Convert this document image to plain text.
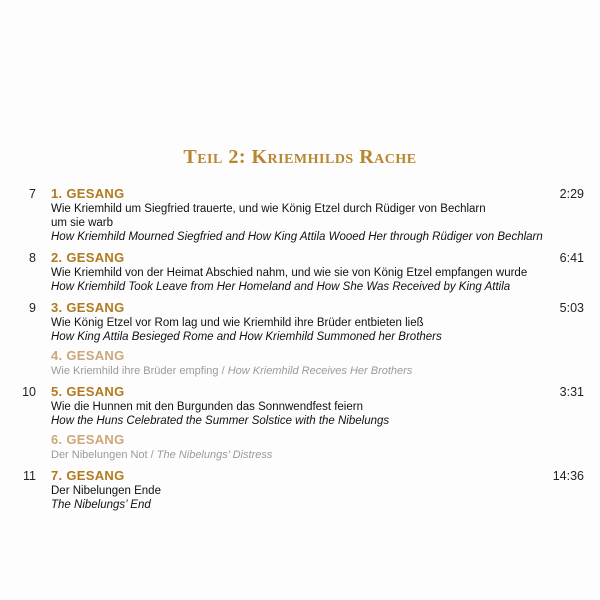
Teil 2: Kriemhilds Rache
7	2:29
1. GESANG
Wie Kriemhild um Siegfried trauerte, und wie König Etzel durch Rüdiger von Bechlarn um sie warb
How Kriemhild Mourned Siegfried and How King Attila Wooed Her through Rüdiger von Bechlarn
8	6:41
2. GESANG
Wie Kriemhild von der Heimat Abschied nahm, und wie sie von König Etzel empfangen wurde
How Kriemhild Took Leave from Her Homeland and How She Was Received by King Attila
9	5:03
3. GESANG
Wie König Etzel vor Rom lag und wie Kriemhild ihre Brüder entbieten ließ
How King Attila Besieged Rome and How Kriemhild Summoned her Brothers
4. GESANG
Wie Kriemhild ihre Brüder empfing / How Kriemhild Receives Her Brothers
10	3:31
5. GESANG
Wie die Hunnen mit den Burgunden das Sonnwendfest feiern
How the Huns Celebrated the Summer Solstice with the Nibelungs
6. GESANG
Der Nibelungen Not / The Nibelungs’ Distress
11	14:36
7. GESANG
Der Nibelungen Ende
The Nibelungs’ End
